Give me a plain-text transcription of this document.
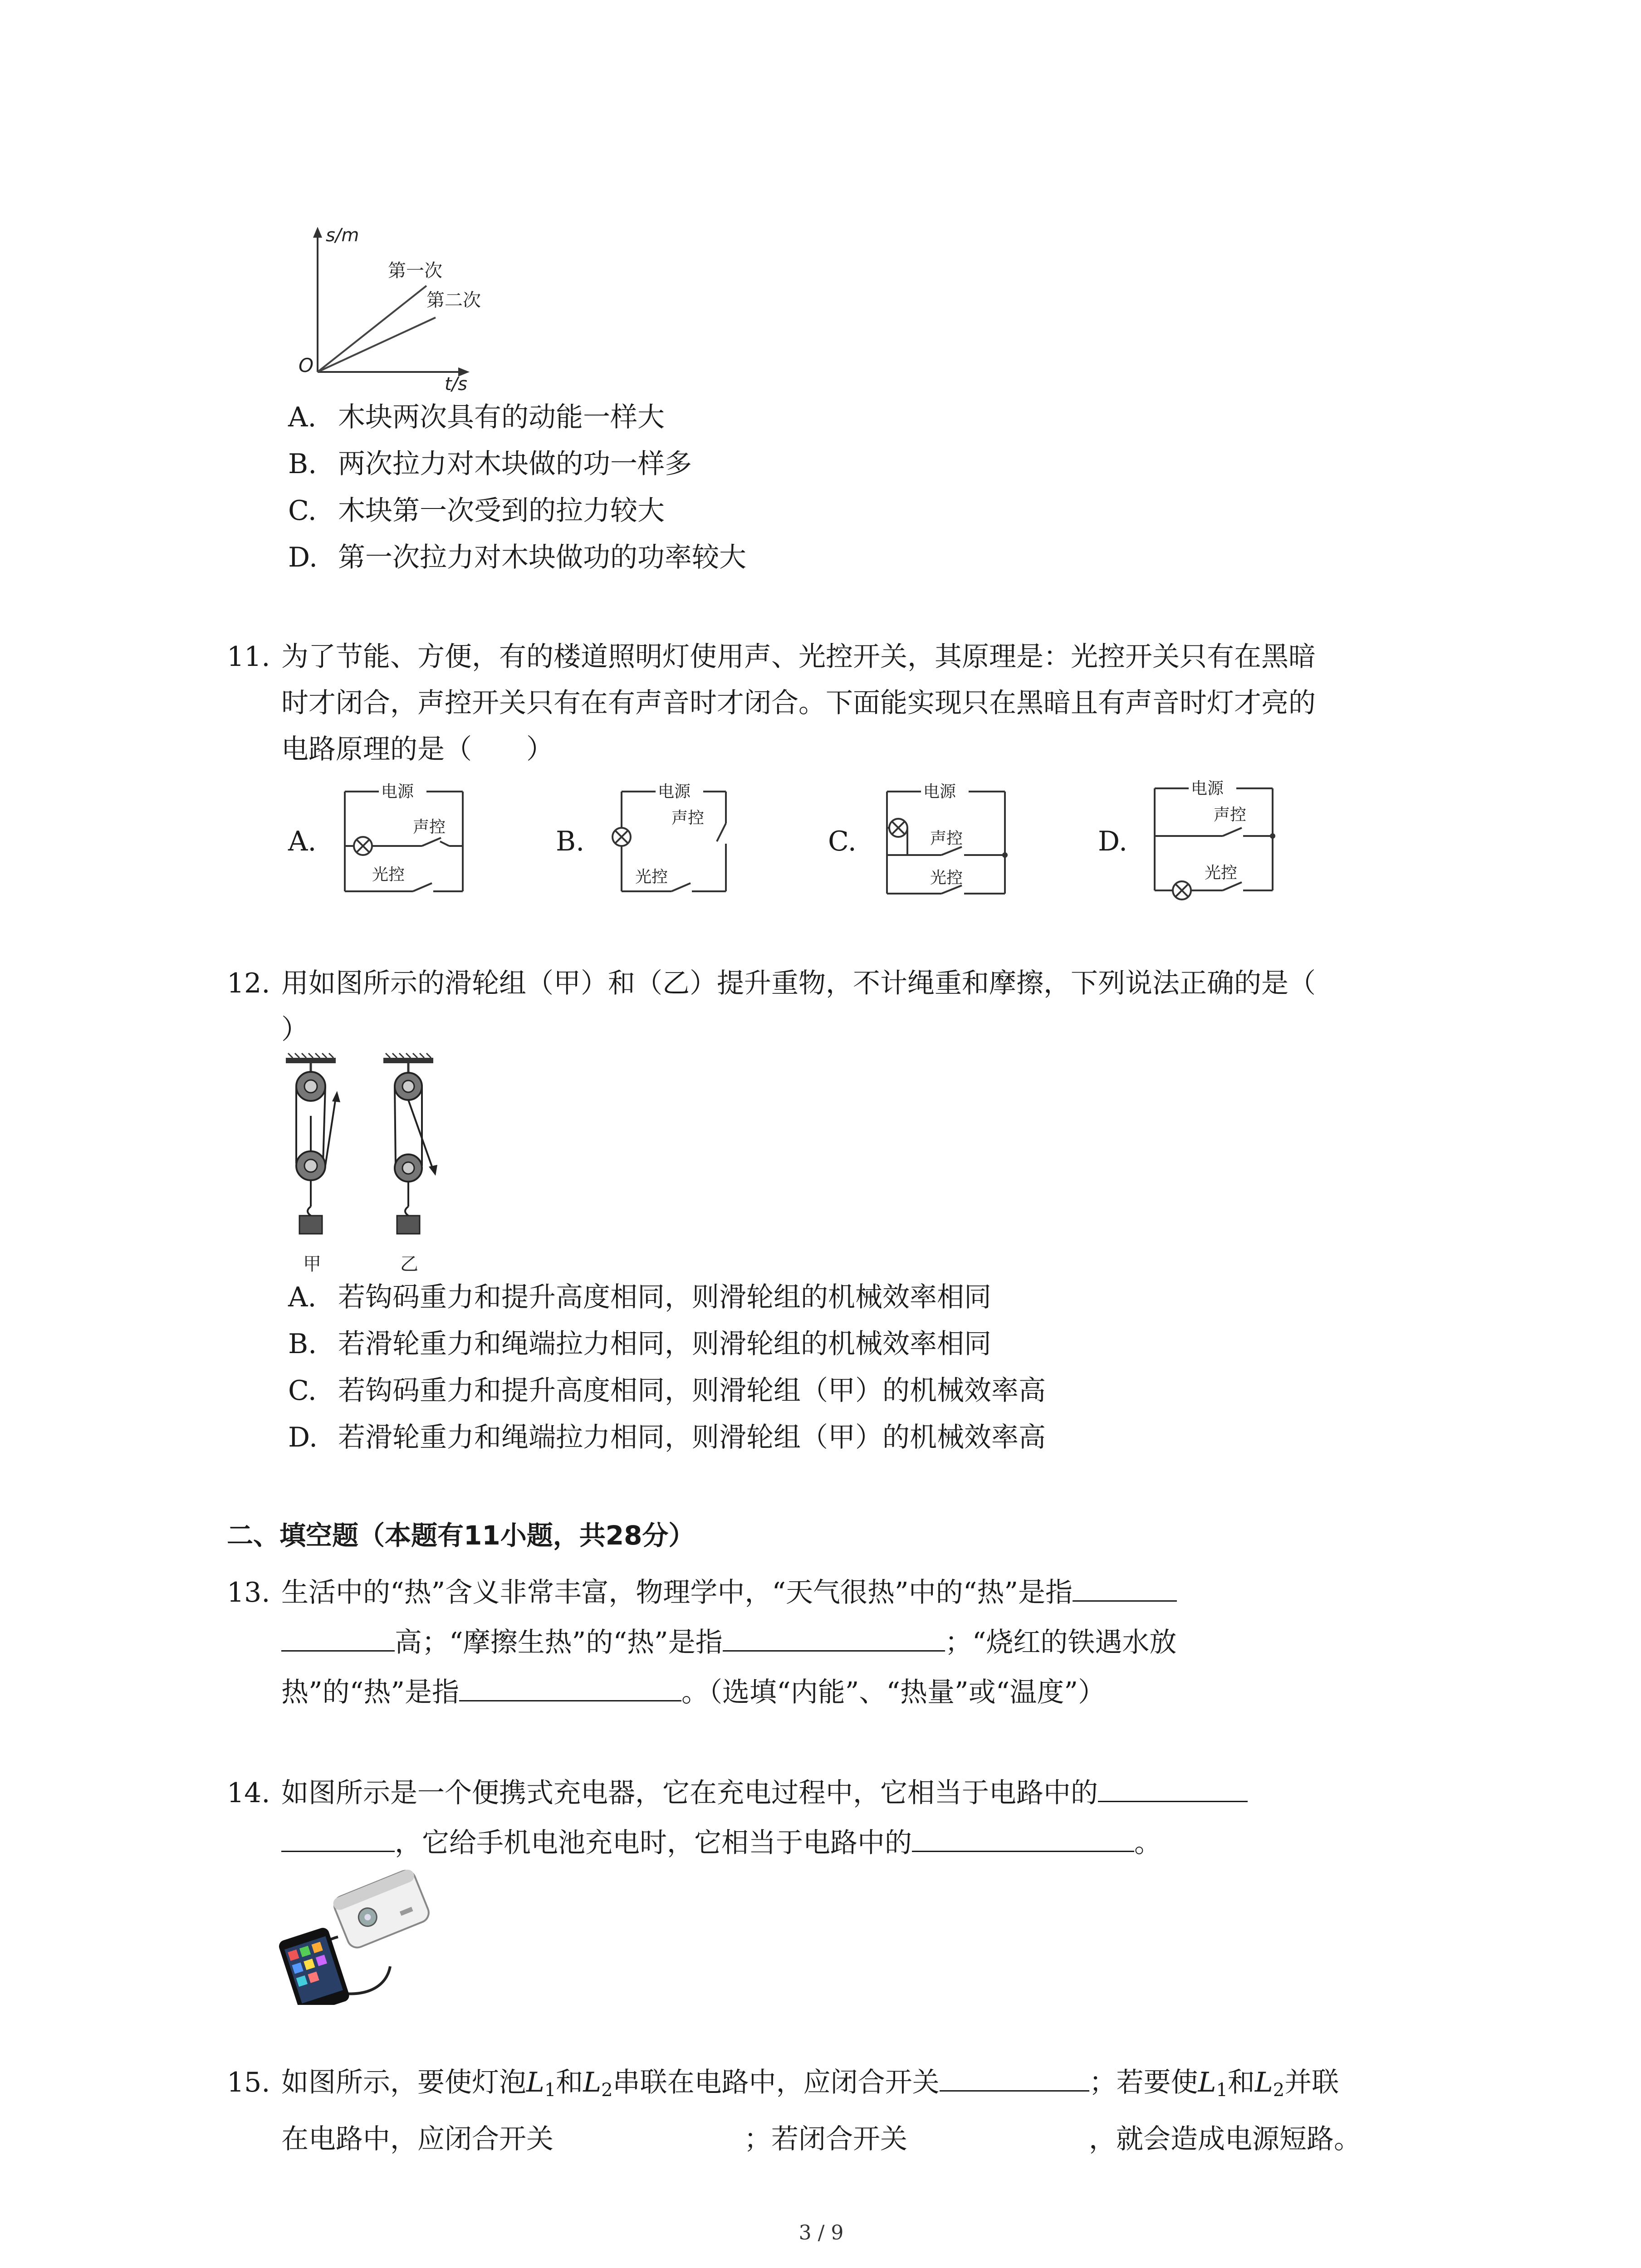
s/m
t/s
O
第一次
第二次
A. 木块两次具有的动能一样大
B. 两次拉力对木块做的功一样多
C. 木块第一次受到的拉力较大
D. 第一次拉力对木块做功的功率较大
11. 为了节能、方便，有的楼道照明灯使用声、光控开关，其原理是：光控开关只有在黑暗
时才闭合，声控开关只有在有声音时才闭合。下面能实现只在黑暗且有声音时灯才亮的
电路原理的是（　　）
A.	B.	C.	D.
电源
声控
光控
电源
声控
光控
电源
声控
光控
电源
声控
光控
12. 用如图所示的滑轮组（甲）和（乙）提升重物，不计绳重和摩擦，下列说法正确的是（
）
甲	乙
A. 若钩码重力和提升高度相同，则滑轮组的机械效率相同
B. 若滑轮重力和绳端拉力相同，则滑轮组的机械效率相同
C. 若钩码重力和提升高度相同，则滑轮组（甲）的机械效率高
D. 若滑轮重力和绳端拉力相同，则滑轮组（甲）的机械效率高
二、填空题（本题有11小题，共28分）
13. 生活中的“热”含义非常丰富，物理学中，“天气很热”中的“热”是指
高；“摩擦生热”的“热”是指	；“烧红的铁遇水放
热”的“热”是指	。（选填“内能”、“热量”或“温度”）
14. 如图所示是一个便携式充电器，它在充电过程中，它相当于电路中的
，它给手机电池充电时，它相当于电路中的	。
15. 如图所示，要使灯泡$L_1$和$L_2$串联在电路中，应闭合开关	；若要使$L_1$和$L_2$并联
在电路中，应闭合开关	；若闭合开关	，就会造成电源短路。
3 / 9
